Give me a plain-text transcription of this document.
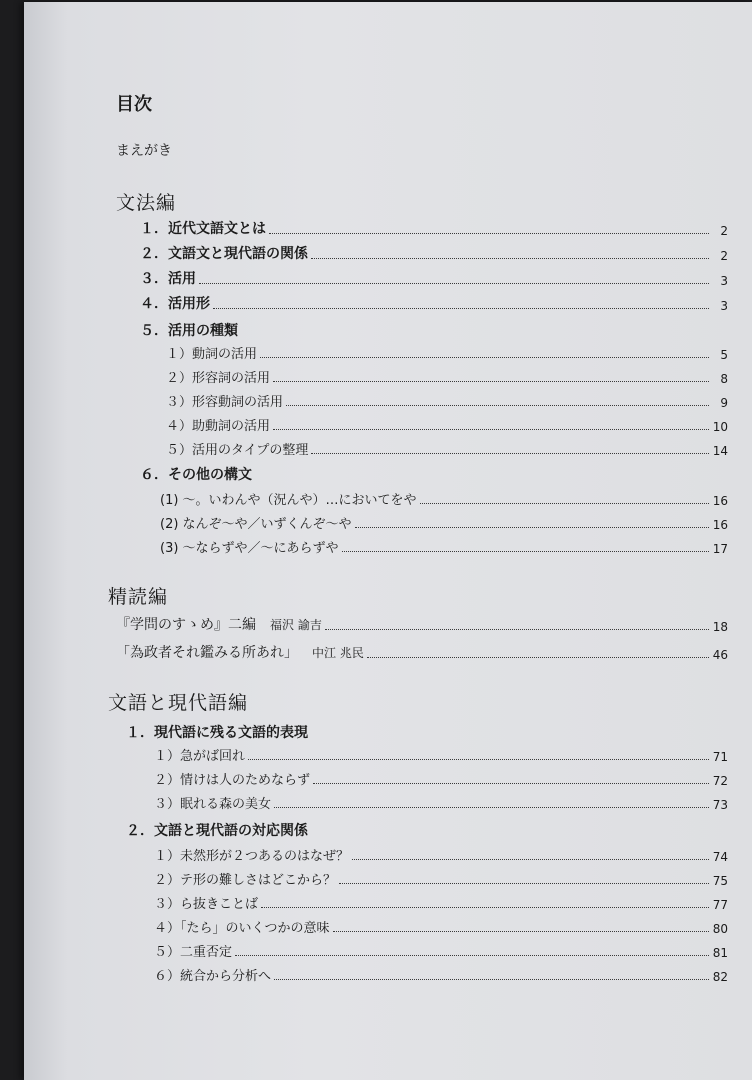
目次
まえがき
文法編
１．近代文語文とは	2
２．文語文と現代語の関係	2
３．活用	3
４．活用形	3
５．活用の種類
１）動詞の活用	5
２）形容詞の活用	8
３）形容動詞の活用	9
４）助動詞の活用	10
５）活用のタイプの整理	14
６．その他の構文
(1) ～。いわんや（況んや）…においてをや	16
(2) なんぞ～や／いずくんぞ～や	16
(3) ～ならずや／～にあらずや	17
精読編
『学問のすゝめ』二編 福沢 諭吉	18
「為政者それ鑑みる所あれ」 中江 兆民	46
文語と現代語編
１．現代語に残る文語的表現
１）急がば回れ	71
２）情けは人のためならず	72
３）眠れる森の美女	73
２．文語と現代語の対応関係
１）未然形が２つあるのはなぜ？	74
２）テ形の難しさはどこから？	75
３）ら抜きことば	77
４）「たら」のいくつかの意味	80
５）二重否定	81
６）統合から分析へ	82
